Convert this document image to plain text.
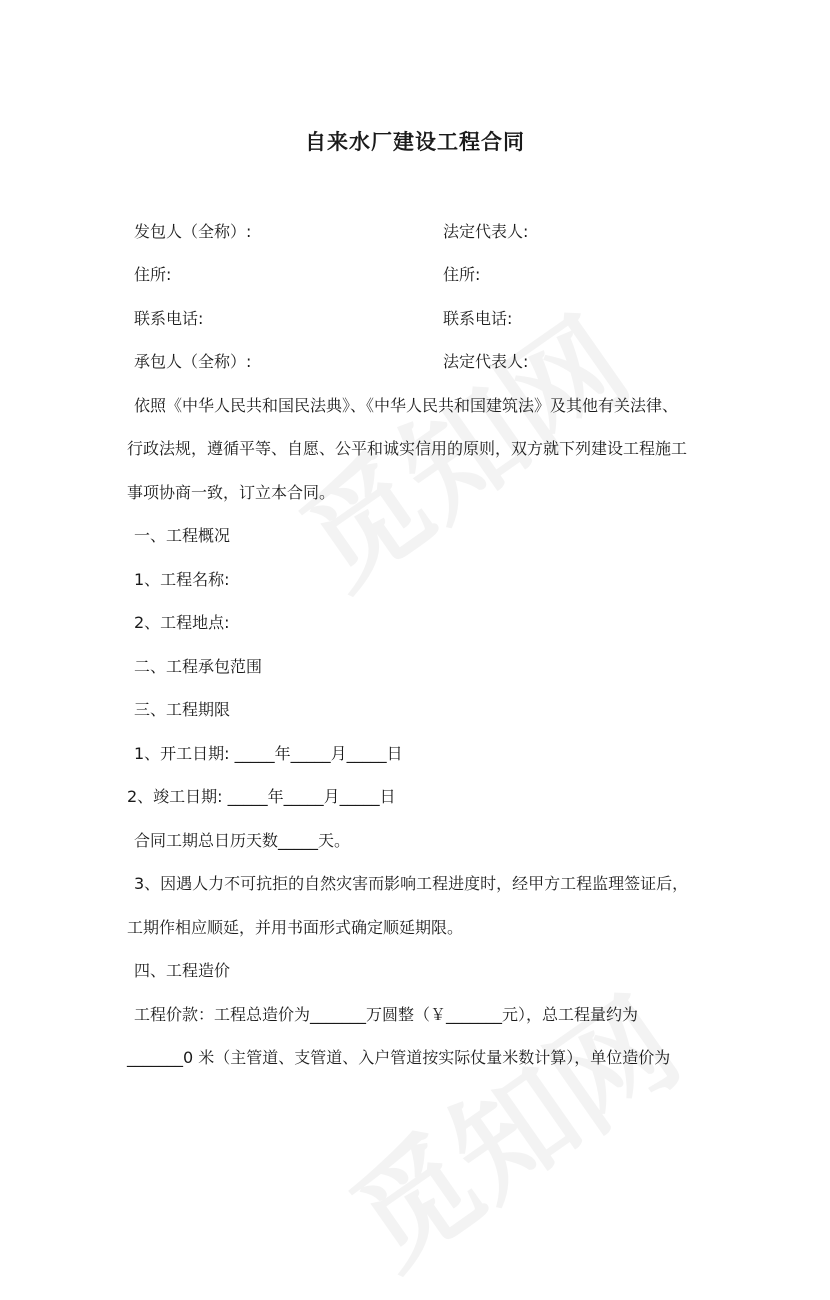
自来水厂建设工程合同
发包人（全称）:	法定代表人:
住所:	住所:
联系电话:	联系电话:
承包人（全称）:	法定代表人:
依照《中华人民共和国民法典》、《中华人民共和国建筑法》及其他有关法律、
行政法规，遵循平等、自愿、公平和诚实信用的原则，双方就下列建设工程施工
事项协商一致，订立本合同。
一、工程概况
1、工程名称:
2、工程地点:
二、工程承包范围
三、工程期限
1、开工日期: _____年_____月_____日
2、竣工日期: _____年_____月_____日
合同工期总日历天数_____天。
3、因遇人力不可抗拒的自然灾害而影响工程进度时，经甲方工程监理签证后，
工期作相应顺延，并用书面形式确定顺延期限。
四、工程造价
工程价款：工程总造价为_______万圆整（￥_______元），总工程量约为
_______0 米（主管道、支管道、入户管道按实际仗量米数计算），单位造价为
